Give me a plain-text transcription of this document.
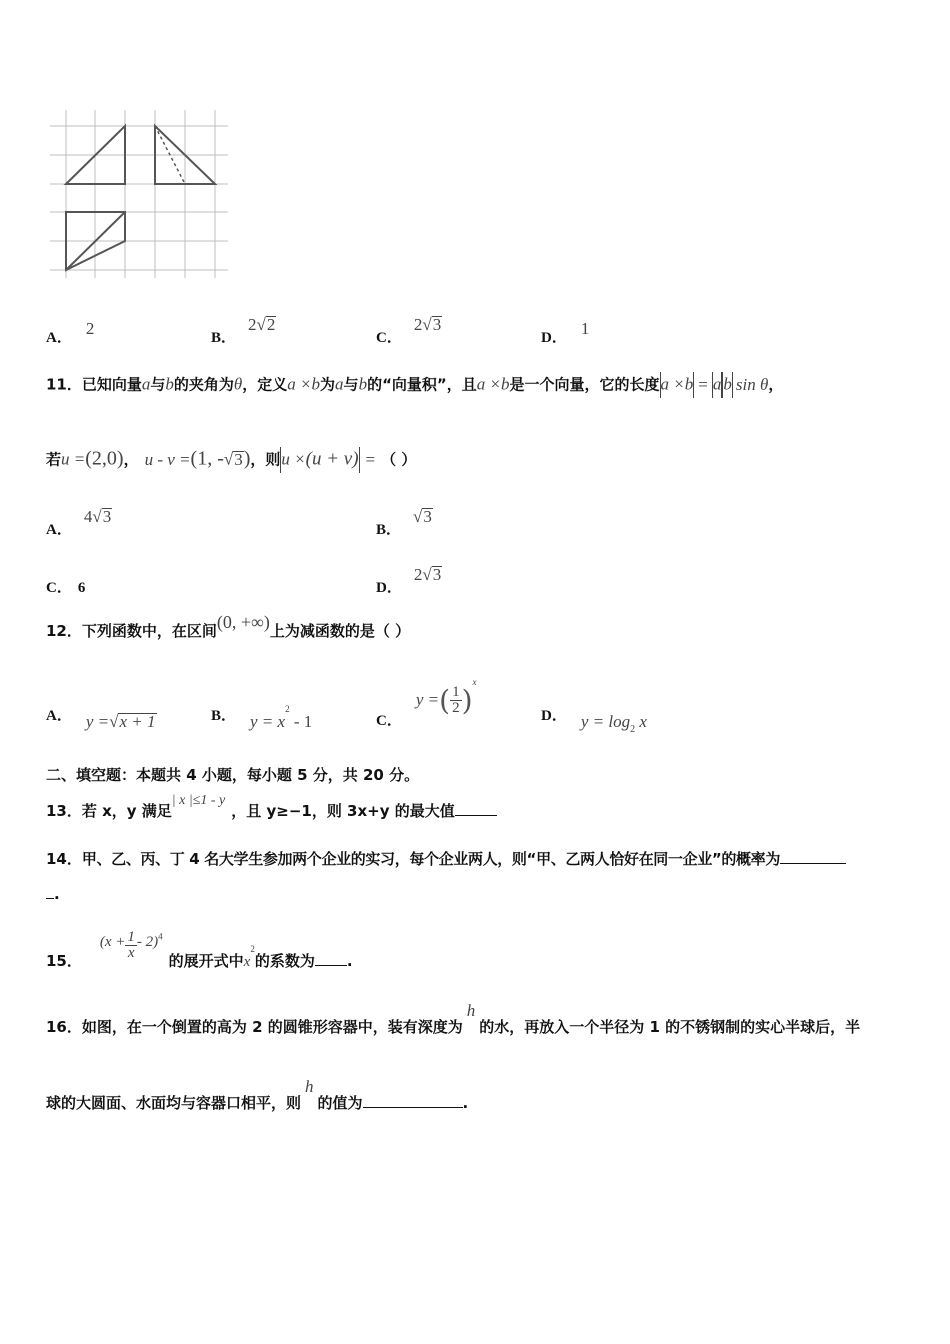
A． 2	B．2√2
C．2√3
D． 1
11．已知向量a与b的夹角为θ，定义a ×b为a与b的“向量积”，且a ×b是一个向量，它的长度a ×b = a b sin θ，
若u =(2,0)， u - v =(1, -√3)，则u ×(u + v) = （ ）
A．4√3
B．√3
C． 6	D．2√3
12．下列函数中，在区间(0, +∞)上为减函数的是（ ）
A． y =√x + 1	B． $y = x^2 - 1$	C．y =( $\frac{1}{2} )^x$
D． $y = \log_2 x$
二、填空题：本题共 4 小题，每小题 5 分，共 20 分。
13．若 x，y 满足| x |≤1 - y，且 y≥−1，则 3x+y 的最大值
14．甲、乙、丙、丁 4 名大学生参加两个企业的实习，每个企业两人，则“甲、乙两人恰好在同一企业”的概率为
.
15．$(x + \frac{1}{x} - 2)^4$的展开式中$x^2$的系数为 .
16．如图，在一个倒置的高为 2 的圆锥形容器中，装有深度为h的水，再放入一个半径为 1 的不锈钢制的实心半球后，半
球的大圆面、水面均与容器口相平，则h的值为	.
